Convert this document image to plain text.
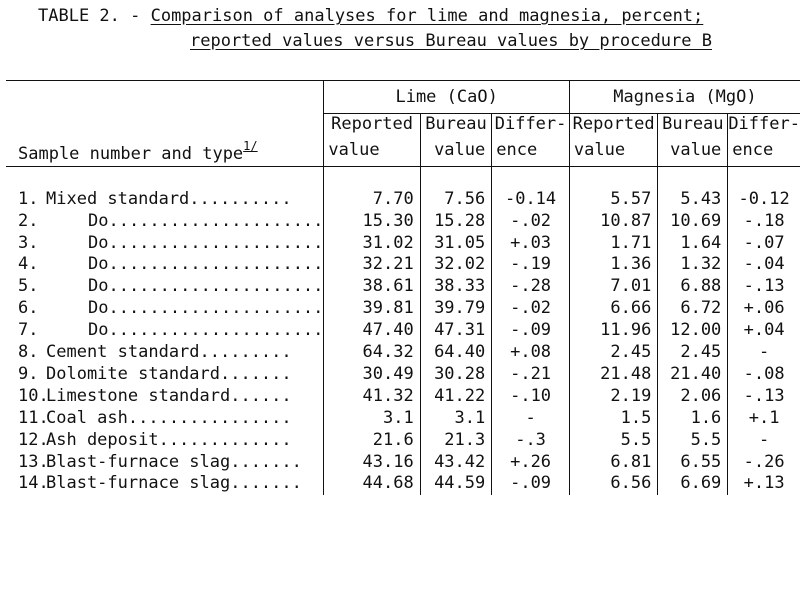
TABLE 2. - Comparison of analyses for lime and magnesia, percent;
reported values versus Bureau values by procedure B
	Lime (CaO)			Magnesia (MgO)		
	Reported	Bureau	Differ-	Reported	Bureau	Differ-
Sample number and type$^{1/}$	value	value	ence	value	value	ence

1. Mixed standard..........	7.70	7.56	-0.14	5.57	5.43	-0.12
2. Do.....................	15.30	15.28	-.02	10.87	10.69	-.18
3. Do.....................	31.02	31.05	+.03	1.71	1.64	-.07
4. Do.....................	32.21	32.02	-.19	1.36	1.32	-.04
5. Do.....................	38.61	38.33	-.28	7.01	6.88	-.13
6. Do.....................	39.81	39.79	-.02	6.66	6.72	+.06
7. Do.....................	47.40	47.31	-.09	11.96	12.00	+.04
8. Cement standard.........	64.32	64.40	+.08	2.45	2.45	-
9. Dolomite standard.......	30.49	30.28	-.21	21.48	21.40	-.08
10.Limestone standard......	41.32	41.22	-.10	2.19	2.06	-.13
11.Coal ash................	3.1	3.1	-	1.5	1.6	+.1
12.Ash deposit.............	21.6	21.3	-.3	5.5	5.5	-
13.Blast-furnace slag.......	43.16	43.42	+.26	6.81	6.55	-.26
14.Blast-furnace slag.......	44.68	44.59	-.09	6.56	6.69	+.13
